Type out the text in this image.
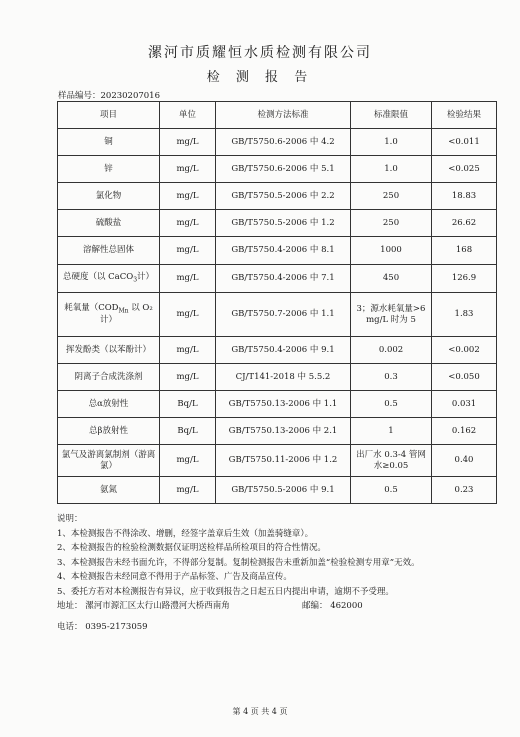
漯河市质耀恒水质检测有限公司
检 测 报 告
样品编号：20230207016
项目	单位	检测方法标准	标准限值	检验结果
铜	mg/L	GB/T5750.6-2006 中 4.2	1.0	<0.011
锌	mg/L	GB/T5750.6-2006 中 5.1	1.0	<0.025
氯化物	mg/L	GB/T5750.5-2006 中 2.2	250	18.83
硫酸盐	mg/L	GB/T5750.5-2006 中 1.2	250	26.62
溶解性总固体	mg/L	GB/T5750.4-2006 中 8.1	1000	168
总硬度（以 CaCO$_3$计）	mg/L	GB/T5750.4-2006 中 7.1	450	126.9
耗氧量（$COD_{Mn}$ 以 O₂ 计）	mg/L	GB/T5750.7-2006 中 1.1	3；源水耗氧量>6 mg/L 时为 5	1.83
挥发酚类（以苯酚计）	mg/L	GB/T5750.4-2006 中 9.1	0.002	<0.002
阴离子合成洗涤剂	mg/L	CJ/T141-2018 中 5.5.2	0.3	<0.050
总α放射性	Bq/L	GB/T5750.13-2006 中 1.1	0.5	0.031
总β放射性	Bq/L	GB/T5750.13-2006 中 2.1	1	0.162
氯气及游离氯制剂（游离氯）	mg/L	GB/T5750.11-2006 中 1.2	出厂水 0.3-4 管网水≥0.05	0.40
氨氮	mg/L	GB/T5750.5-2006 中 9.1	0.5	0.23
说明：
1、本检测报告不得涂改、增删，经签字盖章后生效（加盖骑缝章）。
2、本检测报告的检验检测数据仅证明送检样品所检项目的符合性情况。
3、本检测报告未经书面允许，不得部分复制。复制检测报告未重新加盖“检验检测专用章”无效。
4、本检测报告未经同意不得用于产品标签、广告及商品宣传。
5、委托方若对本检测报告有异议，应于收到报告之日起五日内提出申请，逾期不予受理。
地址： 漯河市源汇区太行山路澧河大桥西南角	邮编： 462000
电话： 0395-2173059
第 4 页 共 4 页
